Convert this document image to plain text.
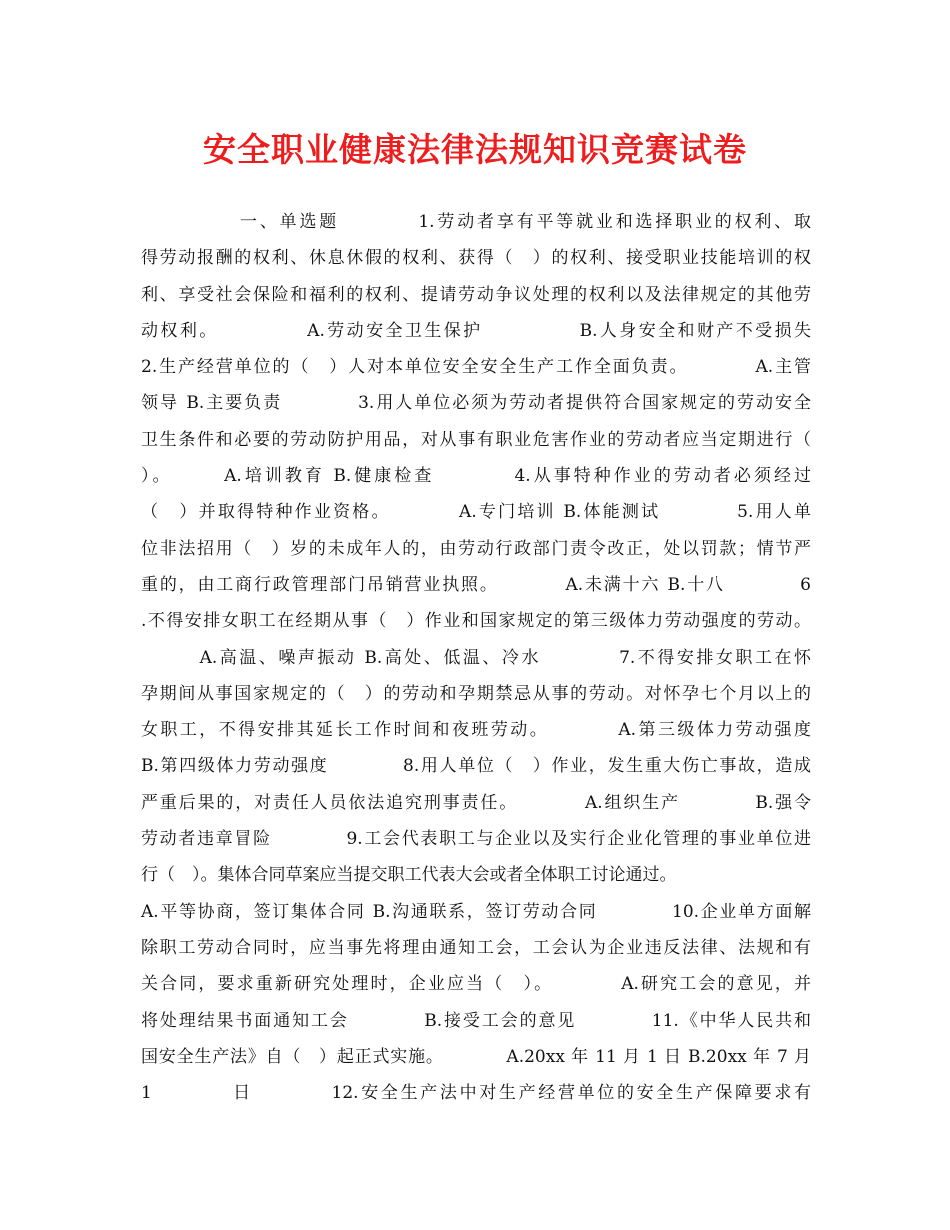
安全职业健康法律法规知识竞赛试卷
　　　　　一、单选题　　　　1.劳动者享有平等就业和选择职业的权利、取
得劳动报酬的权利、休息休假的权利、获得（　）的权利、接受职业技能培训的权
利、享受社会保险和福利的权利、提请劳动争议处理的权利以及法律规定的其他劳
动权利。　　　　　A.劳动安全卫生保护　　　　　B.人身安全和财产不受损失
2.生产经营单位的（　）人对本单位安全安全生产工作全面负责。　　　　A.主管
领导 B.主要负责　　　　3.用人单位必须为劳动者提供符合国家规定的劳动安全
卫生条件和必要的劳动防护用品，对从事有职业危害作业的劳动者应当定期进行（
）。　　　A.培训教育 B.健康检查　　　　4.从事特种作业的劳动者必须经过
（　）并取得特种作业资格。　　　　A.专门培训 B.体能测试　　　　5.用人单
位非法招用（　）岁的未成年人的，由劳动行政部门责令改正，处以罚款；情节严
重的，由工商行政管理部门吊销营业执照。　　　　A.未满十六 B.十八　　　　6
.不得安排女职工在经期从事（　）作业和国家规定的第三级体力劳动强度的劳动。
　　　A.高温、噪声振动 B.高处、低温、冷水　　　　7.不得安排女职工在怀
孕期间从事国家规定的（　）的劳动和孕期禁忌从事的劳动。对怀孕七个月以上的
女职工，不得安排其延长工作时间和夜班劳动。　　　　A.第三级体力劳动强度
B.第四级体力劳动强度　　　　8.用人单位（　）作业，发生重大伤亡事故，造成
严重后果的，对责任人员依法追究刑事责任。　　　　A.组织生产　　　　B.强令
劳动者违章冒险　　　　9.工会代表职工与企业以及实行企业化管理的事业单位进
行（　）。集体合同草案应当提交职工代表大会或者全体职工讨论通过。
A.平等协商，签订集体合同 B.沟通联系，签订劳动合同　　　　10.企业单方面解
除职工劳动合同时，应当事先将理由通知工会，工会认为企业违反法律、法规和有
关合同，要求重新研究处理时，企业应当（　）。　　　　A.研究工会的意见，并
将处理结果书面通知工会　　　　B.接受工会的意见　　　　11.《中华人民共和
国安全生产法》自（　）起正式实施。　　　　A.20xx 年 11 月 1 日 B.20xx 年 7 月
1　　　　日　　　　12.安全生产法中对生产经营单位的安全生产保障要求有
